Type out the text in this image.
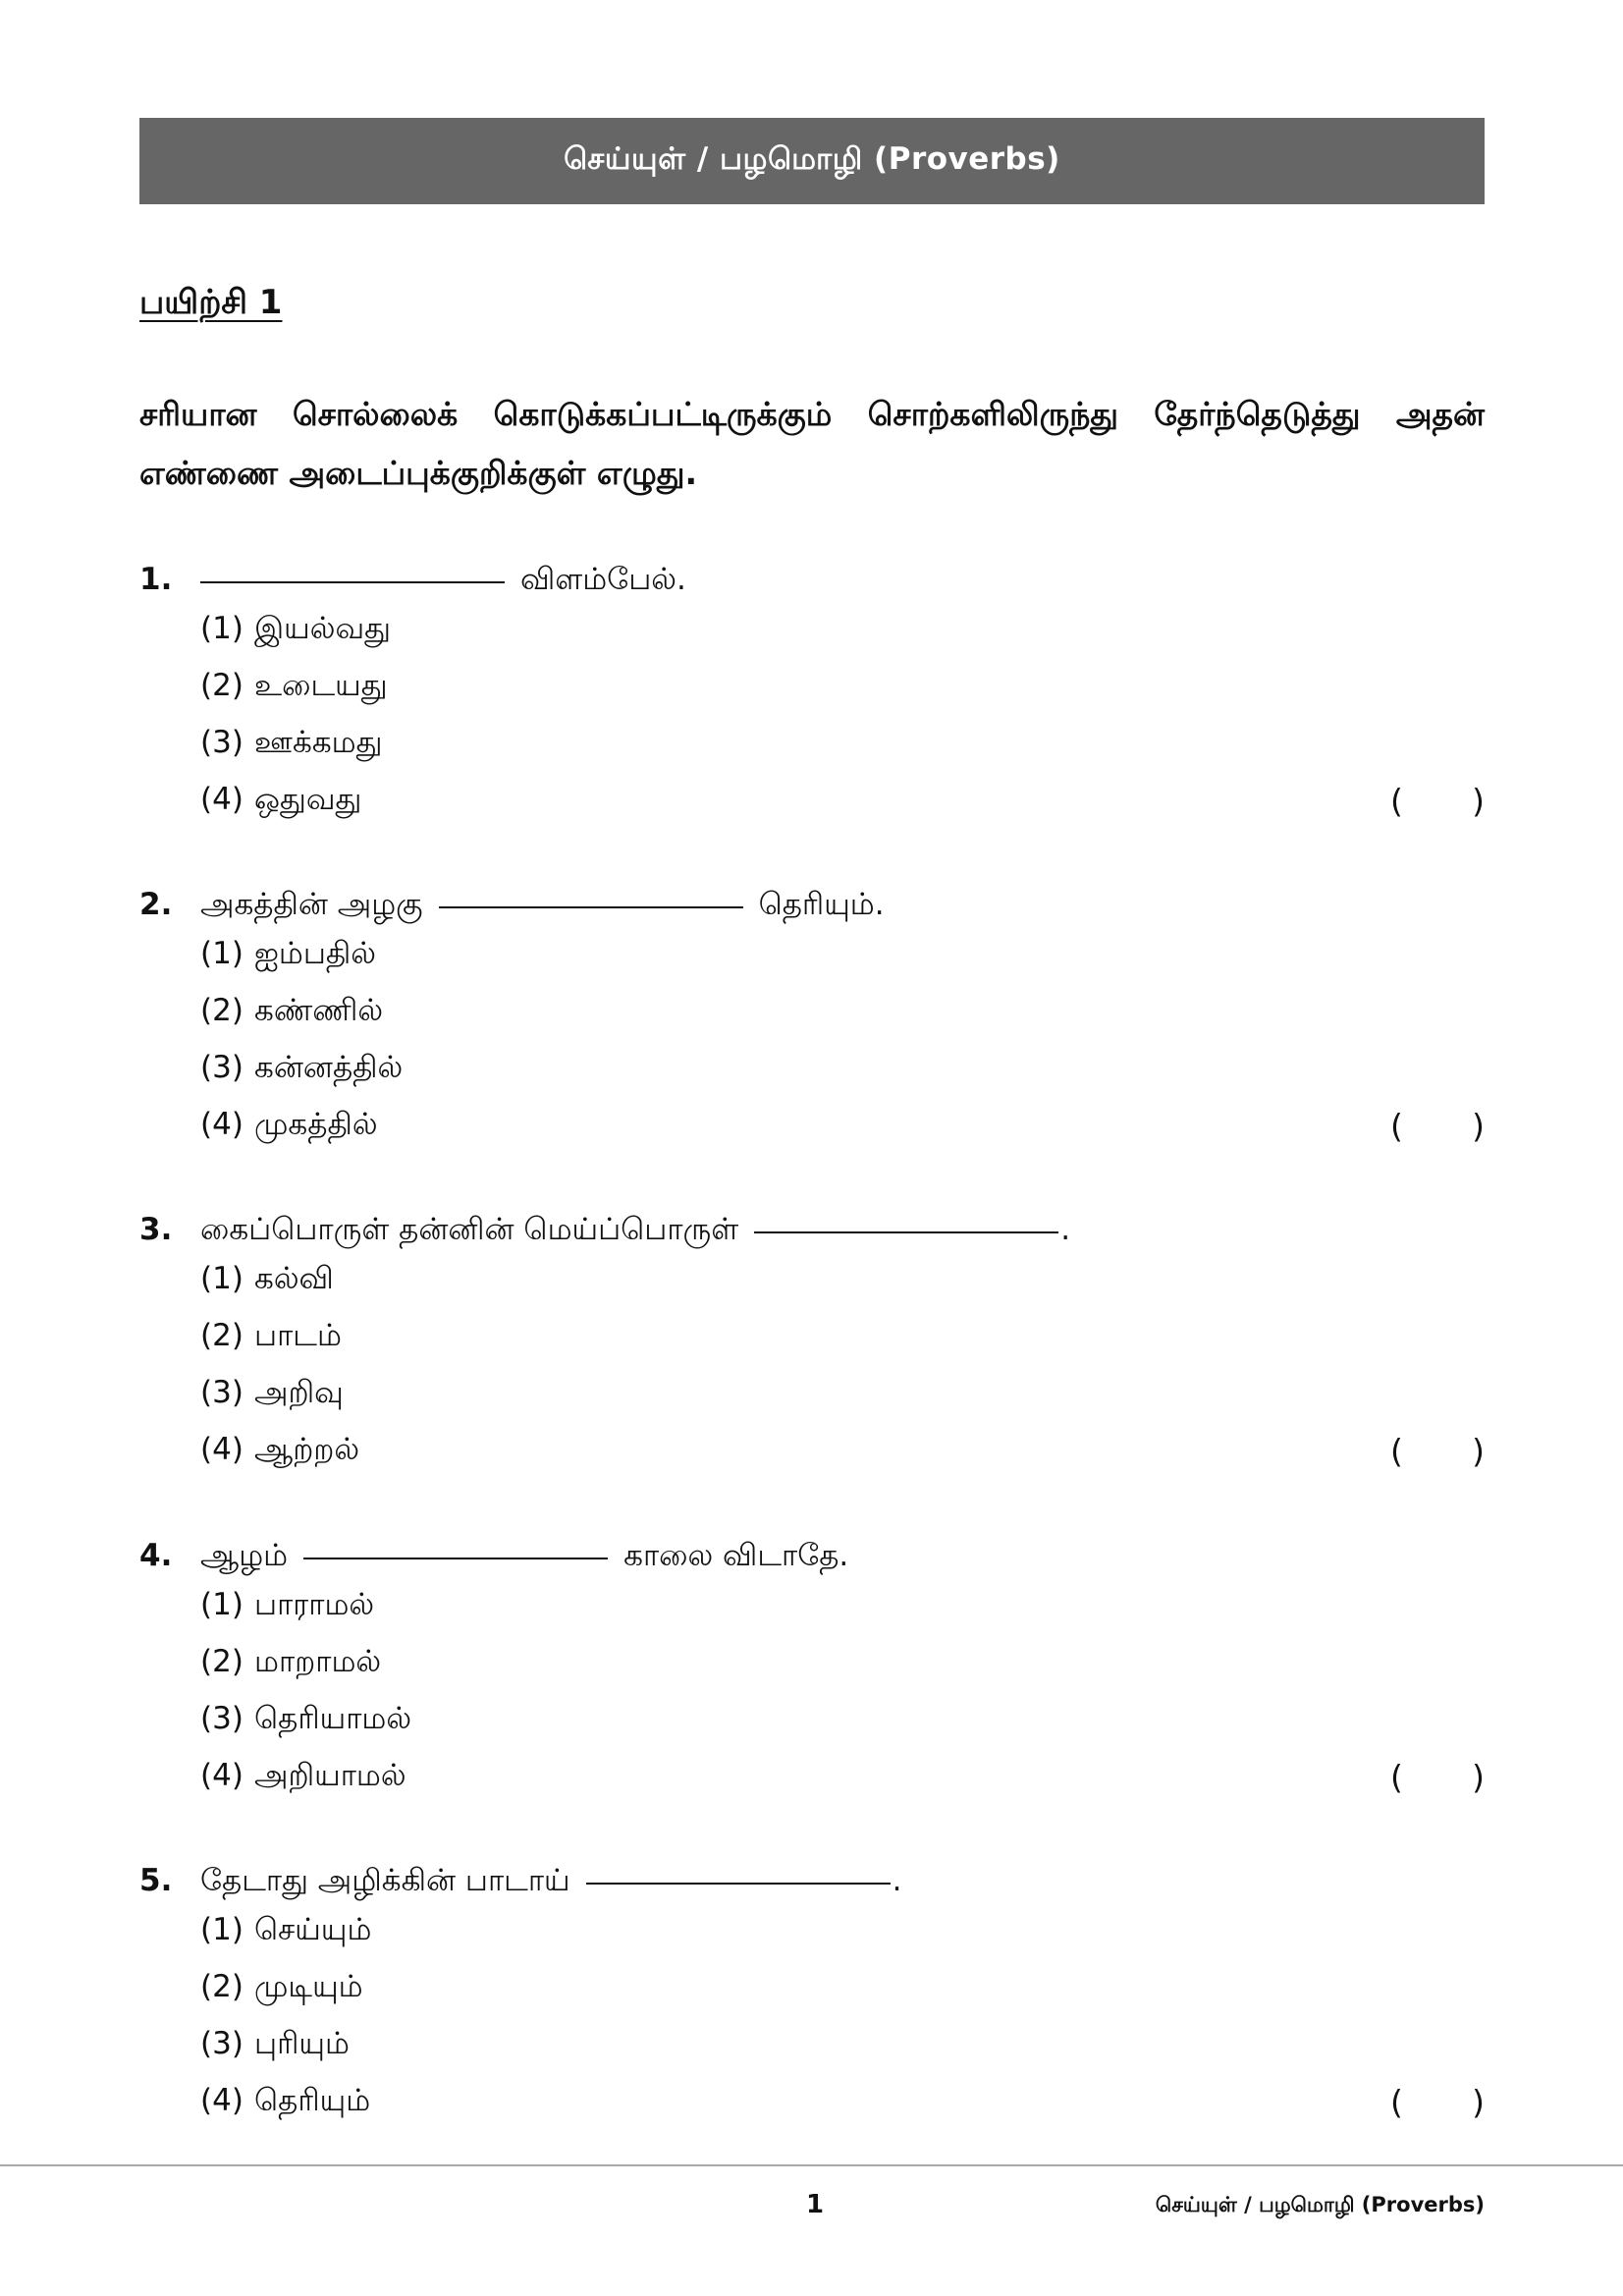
செய்யுள் / பழமொழி (Proverbs)
பயிற்சி 1
சரியான சொல்லைக் கொடுக்கப்பட்டிருக்கும் சொற்களிலிருந்து தேர்ந்தெடுத்து அதன் எண்ணை அடைப்புக்குறிக்குள் எழுது.
1.	விளம்பேல்.
(1) இயல்வது
(2) உடையது
(3) ஊக்கமது
(4) ஒதுவது	( )
2. அகத்தின் அழகு	தெரியும்.
(1) ஐம்பதில்
(2) கண்ணில்
(3) கன்னத்தில்
(4) முகத்தில்	( )
3. கைப்பொருள் தன்னின் மெய்ப்பொருள்	.
(1) கல்வி
(2) பாடம்
(3) அறிவு
(4) ஆற்றல்	( )
4. ஆழம்	காலை விடாதே.
(1) பாராமல்
(2) மாறாமல்
(3) தெரியாமல்
(4) அறியாமல்	( )
5. தேடாது அழிக்கின் பாடாய்	.
(1) செய்யும்
(2) முடியும்
(3) புரியும்
(4) தெரியும்	( )
1	செய்யுள் / பழமொழி (Proverbs)
